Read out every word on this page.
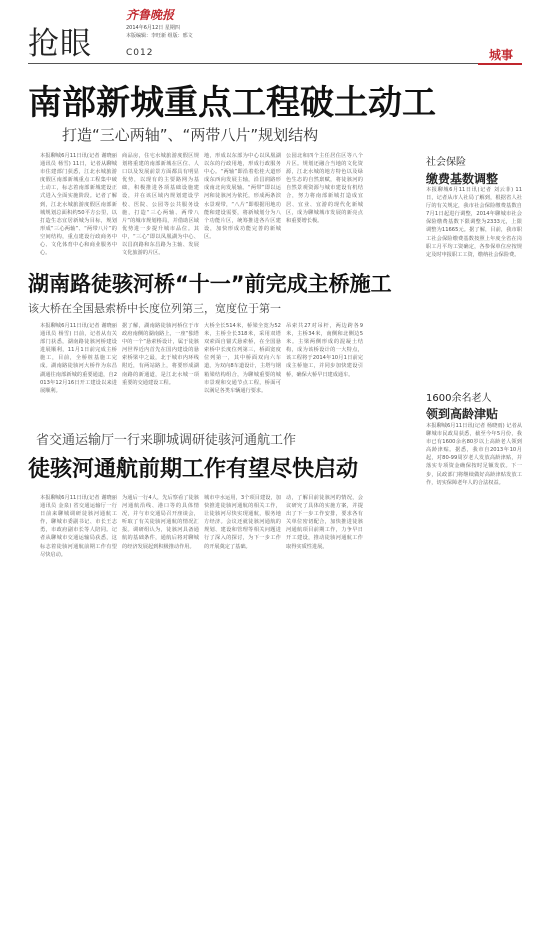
抢眼
齐鲁晚报
2014年6月12日 星期四
本版编辑：李旺新 组版：邢文
C012	城事
南部新城重点工程破土动工
打造“三心两轴”、“两带八片”规划结构
本报聊城6月11日讯(记者 谢晓丽 通讯员 杨雪) 11日，记者从聊城市住建部门获悉，江北水城旅游度假区南部新城重点工程集中破土动工，标志着南部新城建设正式进入全面实施阶段。记者了解到，江北水城旅游度假区南部新城规划总面积约50平方公里，以打造生态宜居新城为目标，规划形成“三心两轴”、“两带八片”的空间结构，重点建设行政商务中心、文化体育中心和商业服务中心。
商品房，住宅水城旅游度假区规划将重建的南部新城在区位、人口以及发展前景方面都具有明显优势，以现有的主要路网为基础，积极推进各项基础设施建设，并在该区域内规划建设学校、医院、公园等公共服务设施，打造“三心两轴、两带八片”的城市规划格局，并借助区域优势进一步提升城市品位。其中，“三心”即以凤凰湖为中心、以昌润路和东昌路为主轴、发展文化旅游的片区。
地，形成以东部为中心以凤凰湖以东的行政用地，形成行政服务中心。“两轴”即沿着松桂大道形成东西向发展主轴，沿昌润路形成南北向发展轴。“两带”即以运河和徒骇河为依托，形成两条滨水景观带，“八片”即根据用地功能和建设需要，将新城划分为八个功能片区，统筹推进各片区建设，加快形成功能完善的新城区。
公园北和四个主任居住区等八个片区。规划还融合当地的文化资源，江北水城的地方特色以及绿色生态的自然禀赋，将徒骇河的自然景观资源与城市建设有机结合，努力将南部新城打造成宜居、宜业、宜游的现代化新城区，成为聊城城市发展的新亮点和重要增长极。
湖南路徒骇河桥“十一”前完成主桥施工
该大桥在全国悬索桥中长度位列第三，宽度位于第一
本报聊城6月11日讯(记者 谢晓丽 通讯员 杨雪) 日前，记者从有关部门获悉，湖南路徒骇河桥建设进展顺利，11月1日前完成主桥施工，目前，全桥桩基施工完成。湖南路徒骇河大桥作为东昌湖通往南部新城的重要通道，自2013年12月16日开工建设以来进展顺利。
据了解，湖南路徒骇河桥位于市政府南侧的湖南路上，一座“独塔中的一个”悬索桥设计，属于徒骇河世界近内首先在国内建设的悬索桥梁中之最，北于城市内环线附近，有两站路上，将要形成湖南路的新通道，是江北水城一项重要的交通建设工程。
大桥全长514米，桥梁全宽为52米，主桥全长318米，采用双塔双索面自锚式悬索桥，在全国悬索桥中长度位列第三，桥面宽度位列第一，其中桥面双向六车道，为双向8车道设计，主塔与钢箱梁结构组合，为聊城重要的城市景观和交通节点工程，桥面可以满足各类车辆通行要求。
吊索共27对吊杆，两边跨各9米，主桥34米，南侧和北侧边5米。主梁两侧形成的混凝土结构，成为该桥设计的一大特点，该工程将于2014年10月1日前完成主桥施工，并同步加快建设引桥，确保大桥早日建成通车。
省交通运输厅一行来聊城调研徒骇河通航工作
徒骇河通航前期工作有望尽快启动
本报聊城6月11日讯(记者 谢晓丽 通讯员 金泉) 省交通运输厅一行日前来聊城调研徒骇河通航工作，聊城市委副书记、市长王志勇，市政府副市长等人陪同。记者从聊城市交通运输局获悉，这标志着徒骇河通航前期工作有望尽快启动。
为通后一行4人，先后察看了徒骇河通航沿线、港口等的具体情况，并与市交通局召开座谈会，听取了有关徒骇河通航的情况汇报。调研组认为，徒骇河具备通航的基础条件，通航后将对聊城的经济发展起到积极推动作用。
城市中水运用，3个项目建设，加快推进徒骇河通航的相关工作，让徒骇河尽快实现通航，服务地方经济。会议还就徒骇河通航的规划、建设和管理等相关问题进行了深入的探讨，为下一步工作的开展奠定了基础。
动，了解目前徒骇河的情况，会议研究了具体的实施方案，并提出了下一步工作安排，要求各有关单位密切配合，加快推进徒骇河通航项目前期工作，力争早日开工建设，推动徒骇河通航工作取得实质性进展。
社会保险
缴费基数调整
本报聊城6月11日讯(记者 刘云菲) 11日，记者从市人社局了解到，根据省人社厅的有关规定，我市社会保险缴费基数自7月1日起进行调整，2014年聊城市社会保险缴费基数下限调整为2333元，上限调整为11665元。据了解，目前，我市职工社会保险缴费基数按照上年度全省在岗职工月平均工资确定，各参保单位应按规定及时申报职工工资，缴纳社会保险费。
1600余名老人
领到高龄津贴
本报聊城6月11日讯(记者 杨晓雨) 记者从聊城市民政局获悉，截至今年5月份，我市已有1600余名80岁以上高龄老人领到高龄津贴。据悉，我市自2013年10月起，对80-99周岁老人发放高龄津贴，并落实专项资金确保按时足额发放。下一步，民政部门将继续做好高龄津贴发放工作，切实保障老年人的合法权益。
